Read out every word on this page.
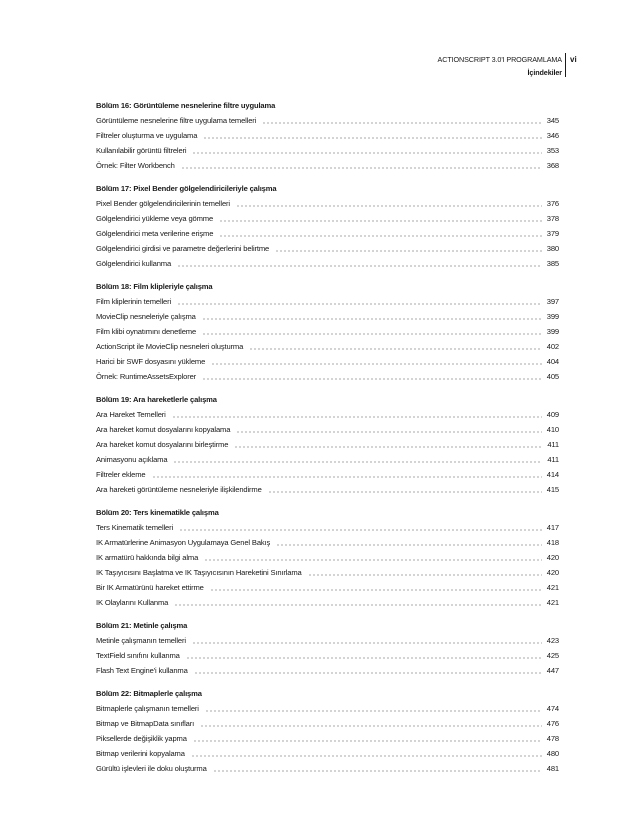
ACTIONSCRIPT 3.0'I PROGRAMLAMA
İçindekiler
vi
Bölüm 16: Görüntüleme nesnelerine filtre uygulama
Görüntüleme nesnelerine filtre uygulama temelleri	345
Filtreler oluşturma ve uygulama	346
Kullanılabilir görüntü filtreleri	353
Örnek: Filter Workbench	368
Bölüm 17: Pixel Bender gölgelendiricileriyle çalışma
Pixel Bender gölgelendiricilerinin temelleri	376
Gölgelendirici yükleme veya gömme	378
Gölgelendirici meta verilerine erişme	379
Gölgelendirici girdisi ve parametre değerlerini belirtme	380
Gölgelendirici kullanma	385
Bölüm 18: Film klipleriyle çalışma
Film kliplerinin temelleri	397
MovieClip nesneleriyle çalışma	399
Film klibi oynatımını denetleme	399
ActionScript ile MovieClip nesneleri oluşturma	402
Harici bir SWF dosyasını yükleme	404
Örnek: RuntimeAssetsExplorer	405
Bölüm 19: Ara hareketlerle çalışma
Ara Hareket Temelleri	409
Ara hareket komut dosyalarını kopyalama	410
Ara hareket komut dosyalarını birleştirme	411
Animasyonu açıklama	411
Filtreler ekleme	414
Ara hareketi görüntüleme nesneleriyle ilişkilendirme	415
Bölüm 20: Ters kinematikle çalışma
Ters Kinematik temelleri	417
IK Armatürlerine Animasyon Uygulamaya Genel Bakış	418
IK armatürü hakkında bilgi alma	420
IK Taşıyıcısını Başlatma ve IK Taşıyıcısının Hareketini Sınırlama	420
Bir IK Armatürünü hareket ettirme	421
IK Olaylarını Kullanma	421
Bölüm 21: Metinle çalışma
Metinle çalışmanın temelleri	423
TextField sınıfını kullanma	425
Flash Text Engine'i kullanma	447
Bölüm 22: Bitmaplerle çalışma
Bitmaplerle çalışmanın temelleri	474
Bitmap ve BitmapData sınıfları	476
Piksellerde değişiklik yapma	478
Bitmap verilerini kopyalama	480
Gürültü işlevleri ile doku oluşturma	481
